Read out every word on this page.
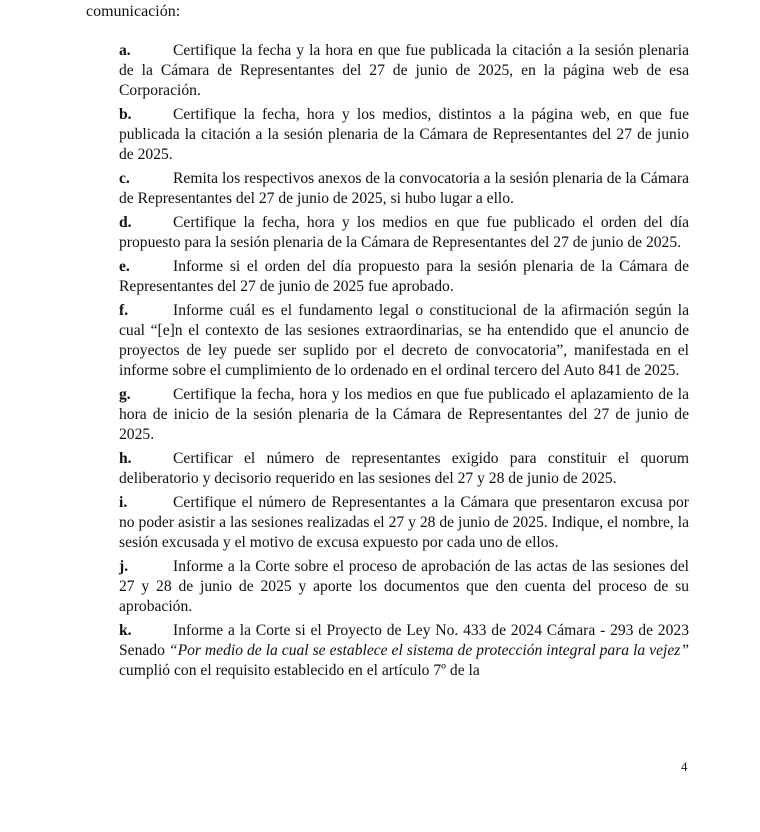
comunicación:

a.	Certifique la fecha y la hora en que fue publicada la citación a la sesión plenaria de la Cámara de Representantes del 27 de junio de 2025, en la página web de esa Corporación.

b.	Certifique la fecha, hora y los medios, distintos a la página web, en que fue publicada la citación a la sesión plenaria de la Cámara de Representantes del 27 de junio de 2025.

c.	Remita los respectivos anexos de la convocatoria a la sesión plenaria de la Cámara de Representantes del 27 de junio de 2025, si hubo lugar a ello.

d.	Certifique la fecha, hora y los medios en que fue publicado el orden del día propuesto para la sesión plenaria de la Cámara de Representantes del 27 de junio de 2025.

e.	Informe si el orden del día propuesto para la sesión plenaria de la Cámara de Representantes del 27 de junio de 2025 fue aprobado.

f.	Informe cuál es el fundamento legal o constitucional de la afirmación según la cual “[e]n el contexto de las sesiones extraordinarias, se ha entendido que el anuncio de proyectos de ley puede ser suplido por el decreto de convocatoria”, manifestada en el informe sobre el cumplimiento de lo ordenado en el ordinal tercero del Auto 841 de 2025.

g.	Certifique la fecha, hora y los medios en que fue publicado el aplazamiento de la hora de inicio de la sesión plenaria de la Cámara de Representantes del 27 de junio de 2025.

h.	Certificar el número de representantes exigido para constituir el quorum deliberatorio y decisorio requerido en las sesiones del 27 y 28 de junio de 2025.

i.	Certifique el número de Representantes a la Cámara que presentaron excusa por no poder asistir a las sesiones realizadas el 27 y 28 de junio de 2025. Indique, el nombre, la sesión excusada y el motivo de excusa expuesto por cada uno de ellos.

j.	Informe a la Corte sobre el proceso de aprobación de las actas de las sesiones del 27 y 28 de junio de 2025 y aporte los documentos que den cuenta del proceso de su aprobación.

k.	Informe a la Corte si el Proyecto de Ley No. 433 de 2024 Cámara - 293 de 2023 Senado “Por medio de la cual se establece el sistema de protección integral para la vejez” cumplió con el requisito establecido en el artículo 7º de la

4
